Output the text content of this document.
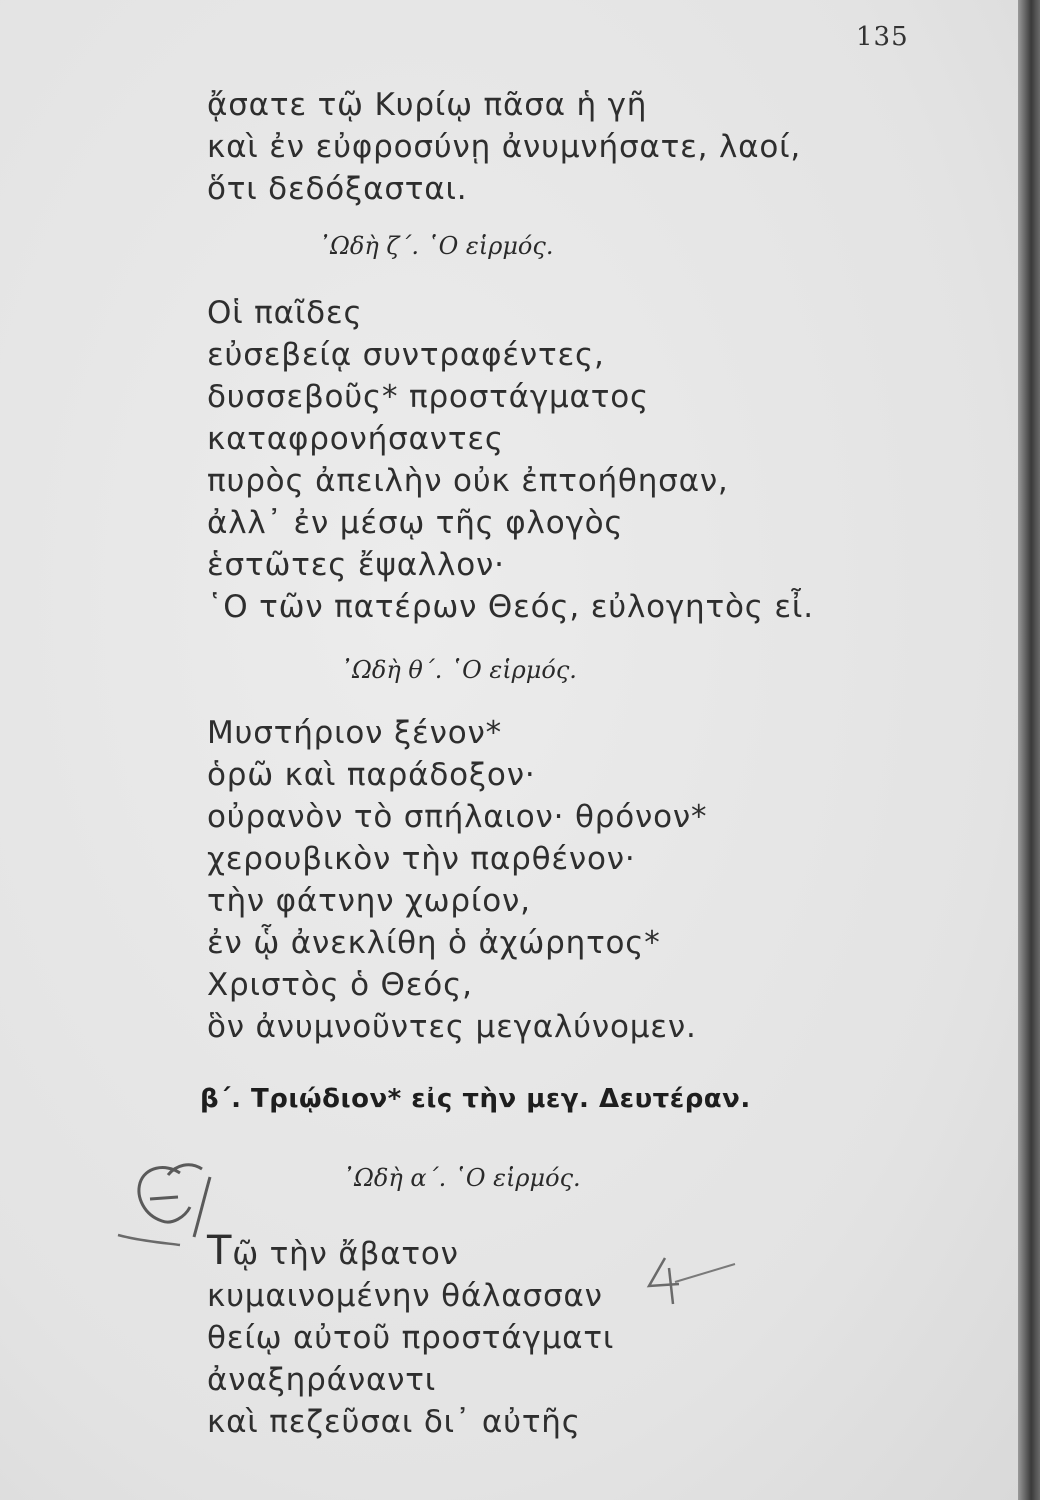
135
ᾄσατε τῷ Κυρίῳ πᾶσα ἡ γῆ
καὶ ἐν εὐφροσύνῃ ἀνυμνήσατε, λαοί,
ὅτι δεδόξασται.
᾿Ωδὴ ζ΄. ῾Ο εἱρμός.
Οἱ παῖδες
εὐσεβείᾳ συντραφέντες,
δυσσεβοῦς* προστάγματος
καταφρονήσαντες
πυρὸς ἀπειλὴν οὐκ ἐπτοήθησαν,
ἀλλ᾿ ἐν μέσῳ τῆς φλογὸς
ἑστῶτες ἔψαλλον·
῾Ο τῶν πατέρων Θεός, εὐλογητὸς εἶ.
᾿Ωδὴ θ΄. ῾Ο εἱρμός.
Μυστήριον ξένον*
ὁρῶ καὶ παράδοξον·
οὐρανὸν τὸ σπήλαιον· θρόνον*
χερουβικὸν τὴν παρθένον·
τὴν φάτνην χωρίον,
ἐν ᾧ ἀνεκλίθη ὁ ἀχώρητος*
Χριστὸς ὁ Θεός,
ὃν ἀνυμνοῦντες μεγαλύνομεν.
β΄. Τριῴδιον* εἰς τὴν μεγ. Δευτέραν.
᾿Ωδὴ α΄. ῾Ο εἱρμός.
Τῷ τὴν ἄβατον
κυμαινομένην θάλασσαν
θείῳ αὐτοῦ προστάγματι
ἀναξηράναντι
καὶ πεζεῦσαι δι᾿ αὐτῆς
